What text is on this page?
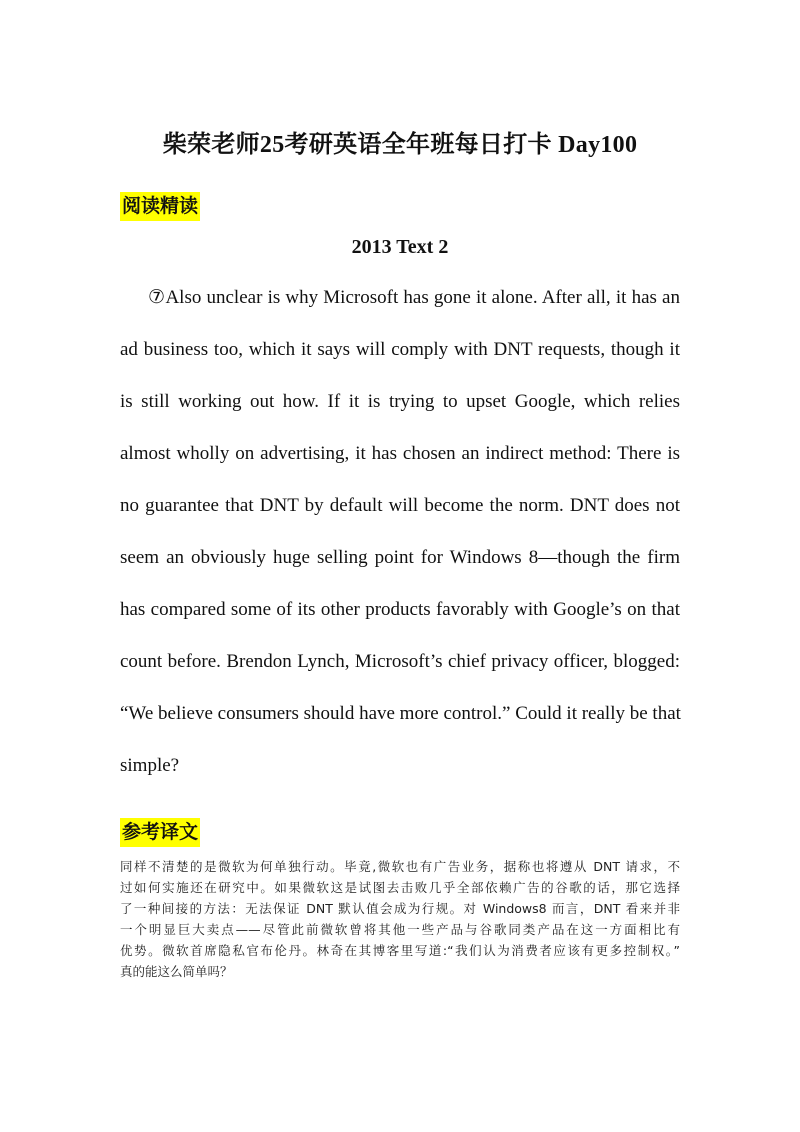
柴荣老师25考研英语全年班每日打卡 Day100
阅读精读
2013 Text 2
⑦Also unclear is why Microsoft has gone it alone. After all, it has an
ad business too, which it says will comply with DNT requests, though it
is still working out how. If it is trying to upset Google, which relies
almost wholly on advertising, it has chosen an indirect method: There is
no guarantee that DNT by default will become the norm. DNT does not
seem an obviously huge selling point for Windows 8—though the firm
has compared some of its other products favorably with Google’s on that
count before. Brendon Lynch, Microsoft’s chief privacy officer, blogged:
“We believe consumers should have more control.” Could it really be that
simple?
参考译文
同样不清楚的是微软为何单独行动。毕竟,微软也有广告业务，据称也将遵从 DNT 请求，不
过如何实施还在研究中。如果微软这是试图去击败几乎全部依赖广告的谷歌的话，那它选择
了一种间接的方法：无法保证 DNT 默认值会成为行规。对 Windows8 而言，DNT 看来并非
一个明显巨大卖点——尽管此前微软曾将其他一些产品与谷歌同类产品在这一方面相比有
优势。微软首席隐私官布伦丹。林奇在其博客里写道:“我们认为消费者应该有更多控制权。”
真的能这么简单吗？
